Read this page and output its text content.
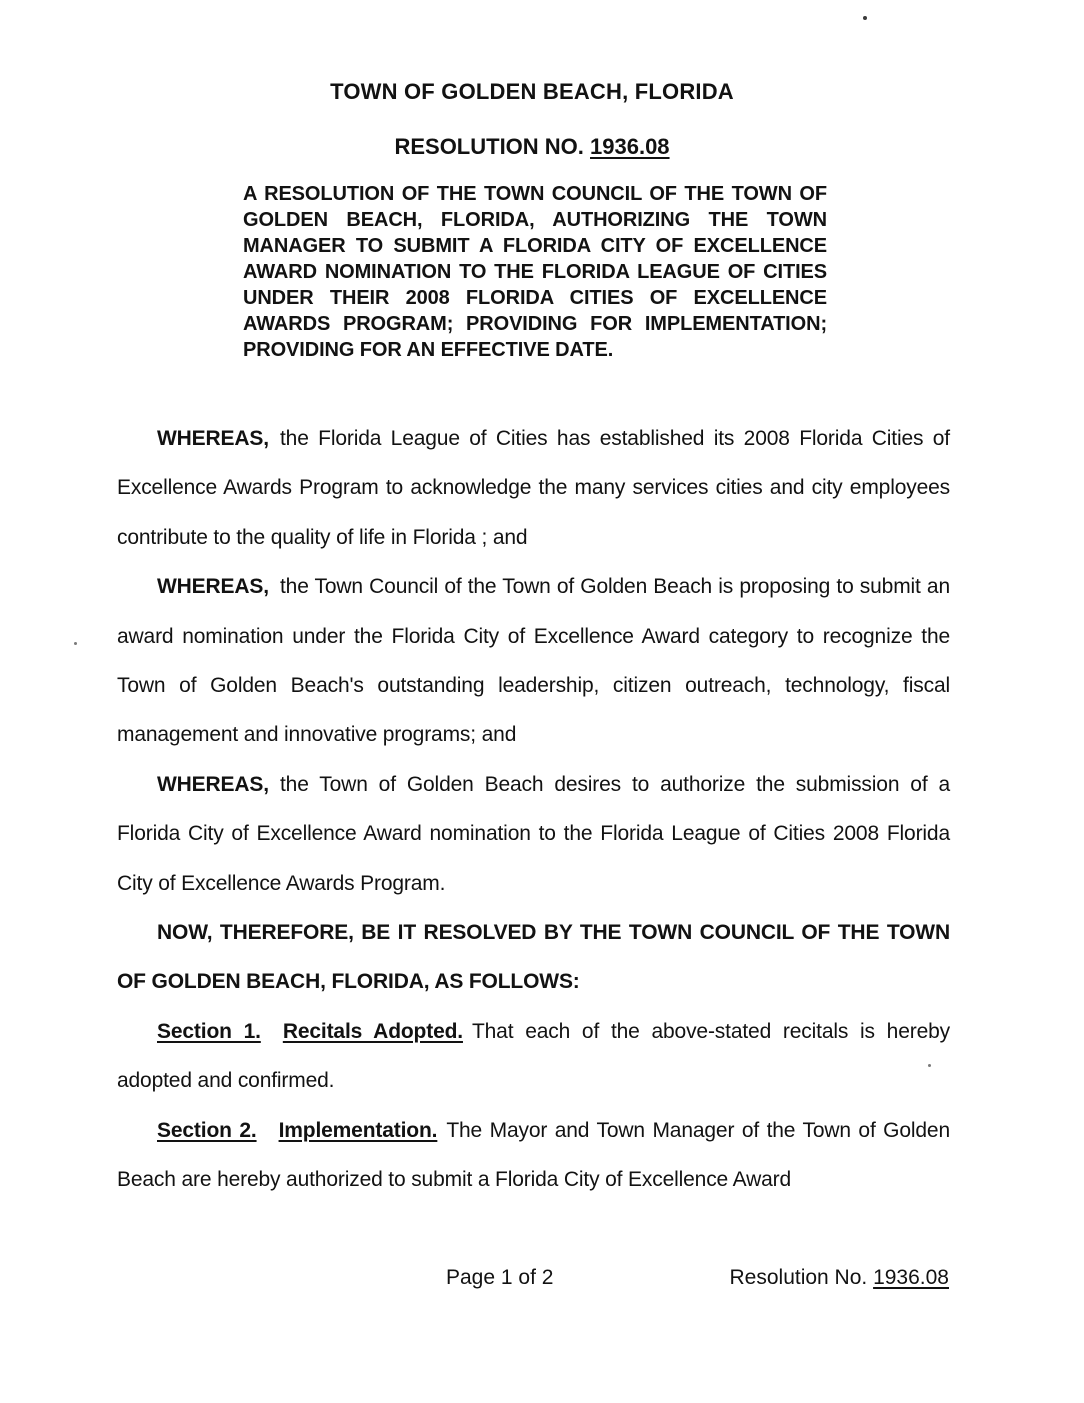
TOWN OF GOLDEN BEACH, FLORIDA
RESOLUTION NO. 1936.08

A RESOLUTION OF THE TOWN COUNCIL OF THE TOWN OF GOLDEN BEACH, FLORIDA, AUTHORIZING THE TOWN MANAGER TO SUBMIT A FLORIDA CITY OF EXCELLENCE AWARD NOMINATION TO THE FLORIDA LEAGUE OF CITIES UNDER THEIR 2008 FLORIDA CITIES OF EXCELLENCE AWARDS PROGRAM; PROVIDING FOR IMPLEMENTATION; PROVIDING FOR AN EFFECTIVE DATE.

WHEREAS, the Florida League of Cities has established its 2008 Florida Cities of Excellence Awards Program to acknowledge the many services cities and city employees contribute to the quality of life in Florida ; and

WHEREAS, the Town Council of the Town of Golden Beach is proposing to submit an award nomination under the Florida City of Excellence Award category to recognize the Town of Golden Beach's outstanding leadership, citizen outreach, technology, fiscal management and innovative programs; and

WHEREAS, the Town of Golden Beach desires to authorize the submission of a Florida City of Excellence Award nomination to the Florida League of Cities 2008 Florida City of Excellence Awards Program.

NOW, THEREFORE, BE IT RESOLVED BY THE TOWN COUNCIL OF THE TOWN OF GOLDEN BEACH, FLORIDA, AS FOLLOWS:

Section 1. Recitals Adopted. That each of the above-stated recitals is hereby adopted and confirmed.

Section 2. Implementation. The Mayor and Town Manager of the Town of Golden Beach are hereby authorized to submit a Florida City of Excellence Award

Page 1 of 2	Resolution No. 1936.08
